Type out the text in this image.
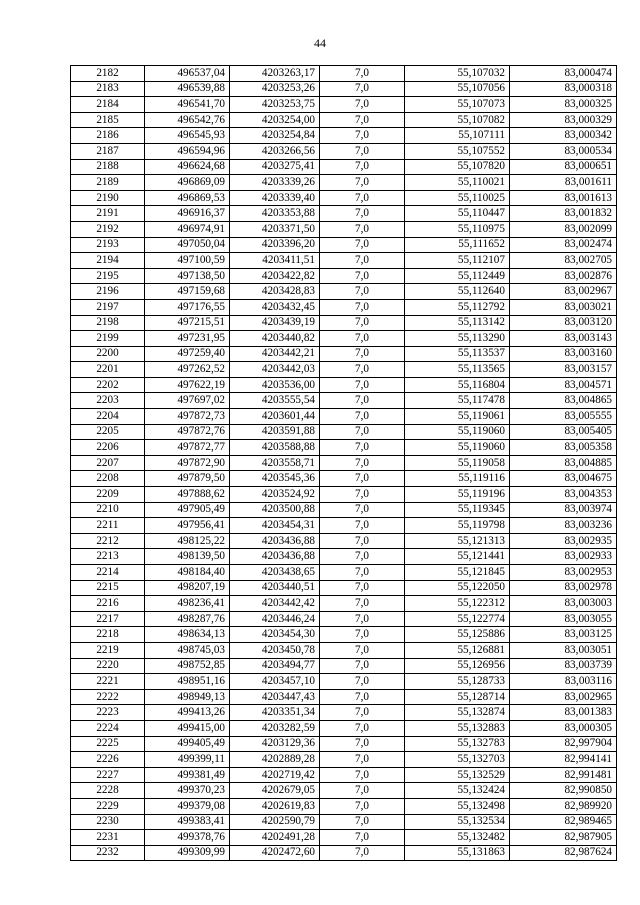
44
2182	496537,04	4203263,17	7,0	55,107032	83,000474
2183	496539,88	4203253,26	7,0	55,107056	83,000318
2184	496541,70	4203253,75	7,0	55,107073	83,000325
2185	496542,76	4203254,00	7,0	55,107082	83,000329
2186	496545,93	4203254,84	7,0	55,107111	83,000342
2187	496594,96	4203266,56	7,0	55,107552	83,000534
2188	496624,68	4203275,41	7,0	55,107820	83,000651
2189	496869,09	4203339,26	7,0	55,110021	83,001611
2190	496869,53	4203339,40	7,0	55,110025	83,001613
2191	496916,37	4203353,88	7,0	55,110447	83,001832
2192	496974,91	4203371,50	7,0	55,110975	83,002099
2193	497050,04	4203396,20	7,0	55,111652	83,002474
2194	497100,59	4203411,51	7,0	55,112107	83,002705
2195	497138,50	4203422,82	7,0	55,112449	83,002876
2196	497159,68	4203428,83	7,0	55,112640	83,002967
2197	497176,55	4203432,45	7,0	55,112792	83,003021
2198	497215,51	4203439,19	7,0	55,113142	83,003120
2199	497231,95	4203440,82	7,0	55,113290	83,003143
2200	497259,40	4203442,21	7,0	55,113537	83,003160
2201	497262,52	4203442,03	7,0	55,113565	83,003157
2202	497622,19	4203536,00	7,0	55,116804	83,004571
2203	497697,02	4203555,54	7,0	55,117478	83,004865
2204	497872,73	4203601,44	7,0	55,119061	83,005555
2205	497872,76	4203591,88	7,0	55,119060	83,005405
2206	497872,77	4203588,88	7,0	55,119060	83,005358
2207	497872,90	4203558,71	7,0	55,119058	83,004885
2208	497879,50	4203545,36	7,0	55,119116	83,004675
2209	497888,62	4203524,92	7,0	55,119196	83,004353
2210	497905,49	4203500,88	7,0	55,119345	83,003974
2211	497956,41	4203454,31	7,0	55,119798	83,003236
2212	498125,22	4203436,88	7,0	55,121313	83,002935
2213	498139,50	4203436,88	7,0	55,121441	83,002933
2214	498184,40	4203438,65	7,0	55,121845	83,002953
2215	498207,19	4203440,51	7,0	55,122050	83,002978
2216	498236,41	4203442,42	7,0	55,122312	83,003003
2217	498287,76	4203446,24	7,0	55,122774	83,003055
2218	498634,13	4203454,30	7,0	55,125886	83,003125
2219	498745,03	4203450,78	7,0	55,126881	83,003051
2220	498752,85	4203494,77	7,0	55,126956	83,003739
2221	498951,16	4203457,10	7,0	55,128733	83,003116
2222	498949,13	4203447,43	7,0	55,128714	83,002965
2223	499413,26	4203351,34	7,0	55,132874	83,001383
2224	499415,00	4203282,59	7,0	55,132883	83,000305
2225	499405,49	4203129,36	7,0	55,132783	82,997904
2226	499399,11	4202889,28	7,0	55,132703	82,994141
2227	499381,49	4202719,42	7,0	55,132529	82,991481
2228	499370,23	4202679,05	7,0	55,132424	82,990850
2229	499379,08	4202619,83	7,0	55,132498	82,989920
2230	499383,41	4202590,79	7,0	55,132534	82,989465
2231	499378,76	4202491,28	7,0	55,132482	82,987905
2232	499309,99	4202472,60	7,0	55,131863	82,987624
